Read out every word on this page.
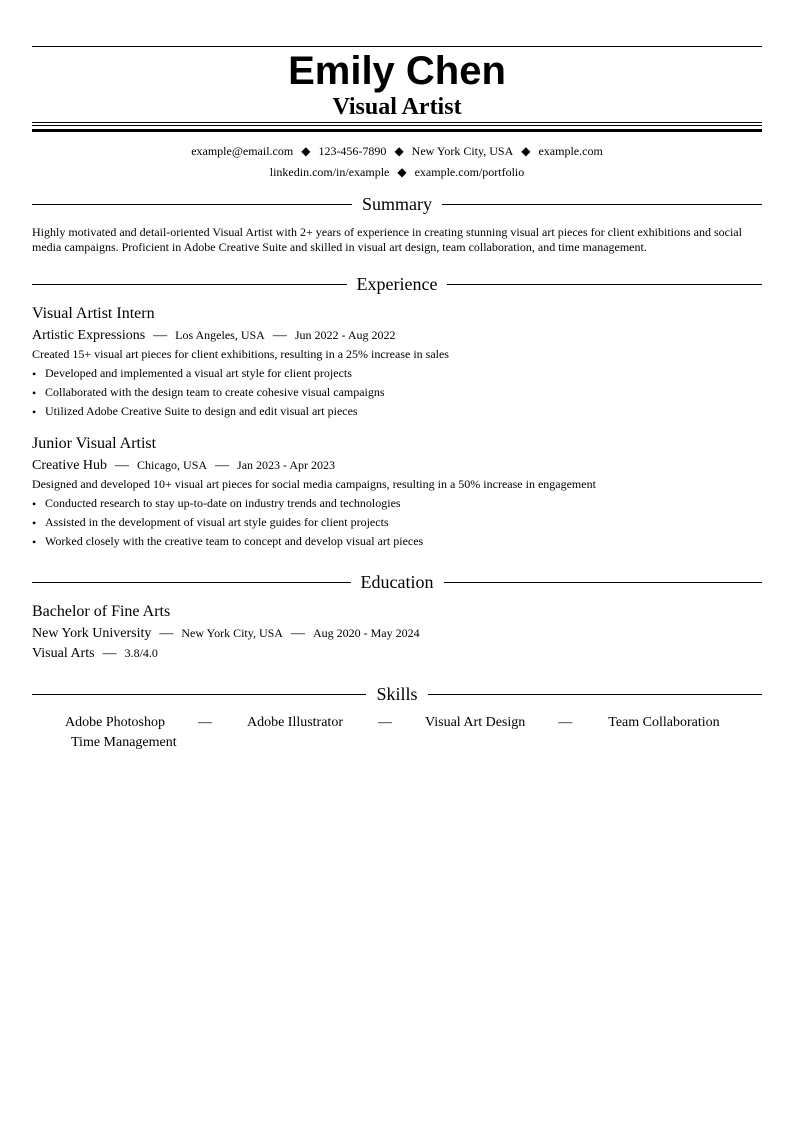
Emily Chen
Visual Artist
example@email.com ◆ 123-456-7890 ◆ New York City, USA ◆ example.com
linkedin.com/in/example ◆ example.com/portfolio
Summary
Highly motivated and detail-oriented Visual Artist with 2+ years of experience in creating stunning visual art pieces for client exhibitions and social media campaigns. Proficient in Adobe Creative Suite and skilled in visual art design, team collaboration, and time management.
Experience
Visual Artist Intern
Artistic Expressions — Los Angeles, USA — Jun 2022 - Aug 2022
Created 15+ visual art pieces for client exhibitions, resulting in a 25% increase in sales
• Developed and implemented a visual art style for client projects
• Collaborated with the design team to create cohesive visual campaigns
• Utilized Adobe Creative Suite to design and edit visual art pieces
Junior Visual Artist
Creative Hub — Chicago, USA — Jan 2023 - Apr 2023
Designed and developed 10+ visual art pieces for social media campaigns, resulting in a 50% increase in engagement
• Conducted research to stay up-to-date on industry trends and technologies
• Assisted in the development of visual art style guides for client projects
• Worked closely with the creative team to concept and develop visual art pieces
Education
Bachelor of Fine Arts
New York University — New York City, USA — Aug 2020 - May 2024
Visual Arts — 3.8/4.0
Skills
Adobe Photoshop —	Adobe Illustrator	— Visual Art Design —	Team Collaboration
Time Management
